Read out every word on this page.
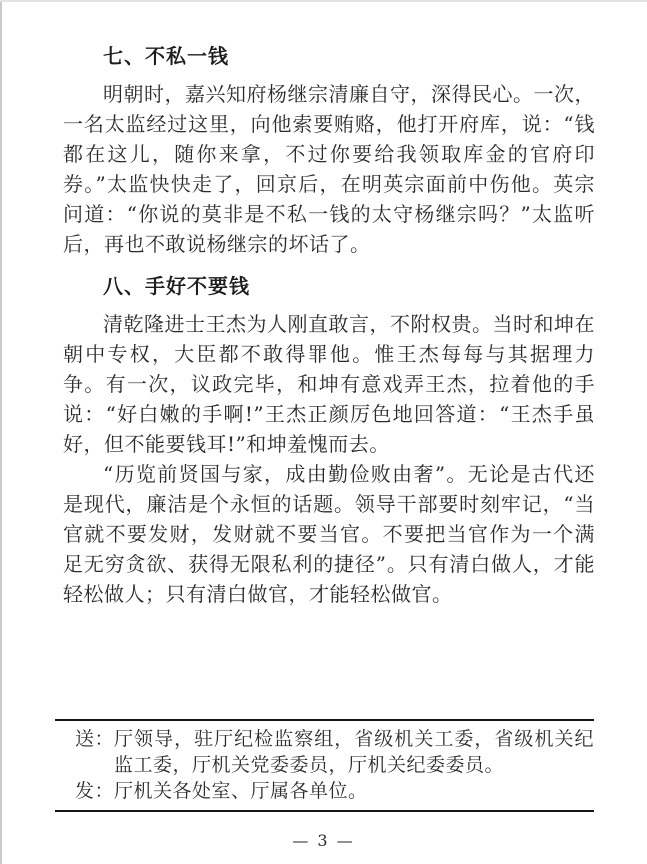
七、不私一钱

明朝时，嘉兴知府杨继宗清廉自守，深得民心。一次，一名太监经过这里，向他索要贿赂，他打开府库，说：“钱都在这儿，随你来拿，不过你要给我领取库金的官府印券。”太监快快走了，回京后，在明英宗面前中伤他。英宗问道：“你说的莫非是不私一钱的太守杨继宗吗？”太监听后，再也不敢说杨继宗的坏话了。

八、手好不要钱

清乾隆进士王杰为人刚直敢言，不附权贵。当时和坤在朝中专权，大臣都不敢得罪他。惟王杰每每与其据理力争。有一次，议政完毕，和坤有意戏弄王杰，拉着他的手说：“好白嫩的手啊!”王杰正颜厉色地回答道：“王杰手虽好，但不能要钱耳!”和坤羞愧而去。

“历览前贤国与家，成由勤俭败由奢”。无论是古代还是现代，廉洁是个永恒的话题。领导干部要时刻牢记，“当官就不要发财，发财就不要当官。不要把当官作为一个满足无穷贪欲、获得无限私利的捷径”。只有清白做人，才能轻松做人；只有清白做官，才能轻松做官。

送： 厅领导，驻厅纪检监察组，省级机关工委，省级机关纪监工委，厅机关党委委员，厅机关纪委委员。
发： 厅机关各处室、厅属各单位。
— 3 —
